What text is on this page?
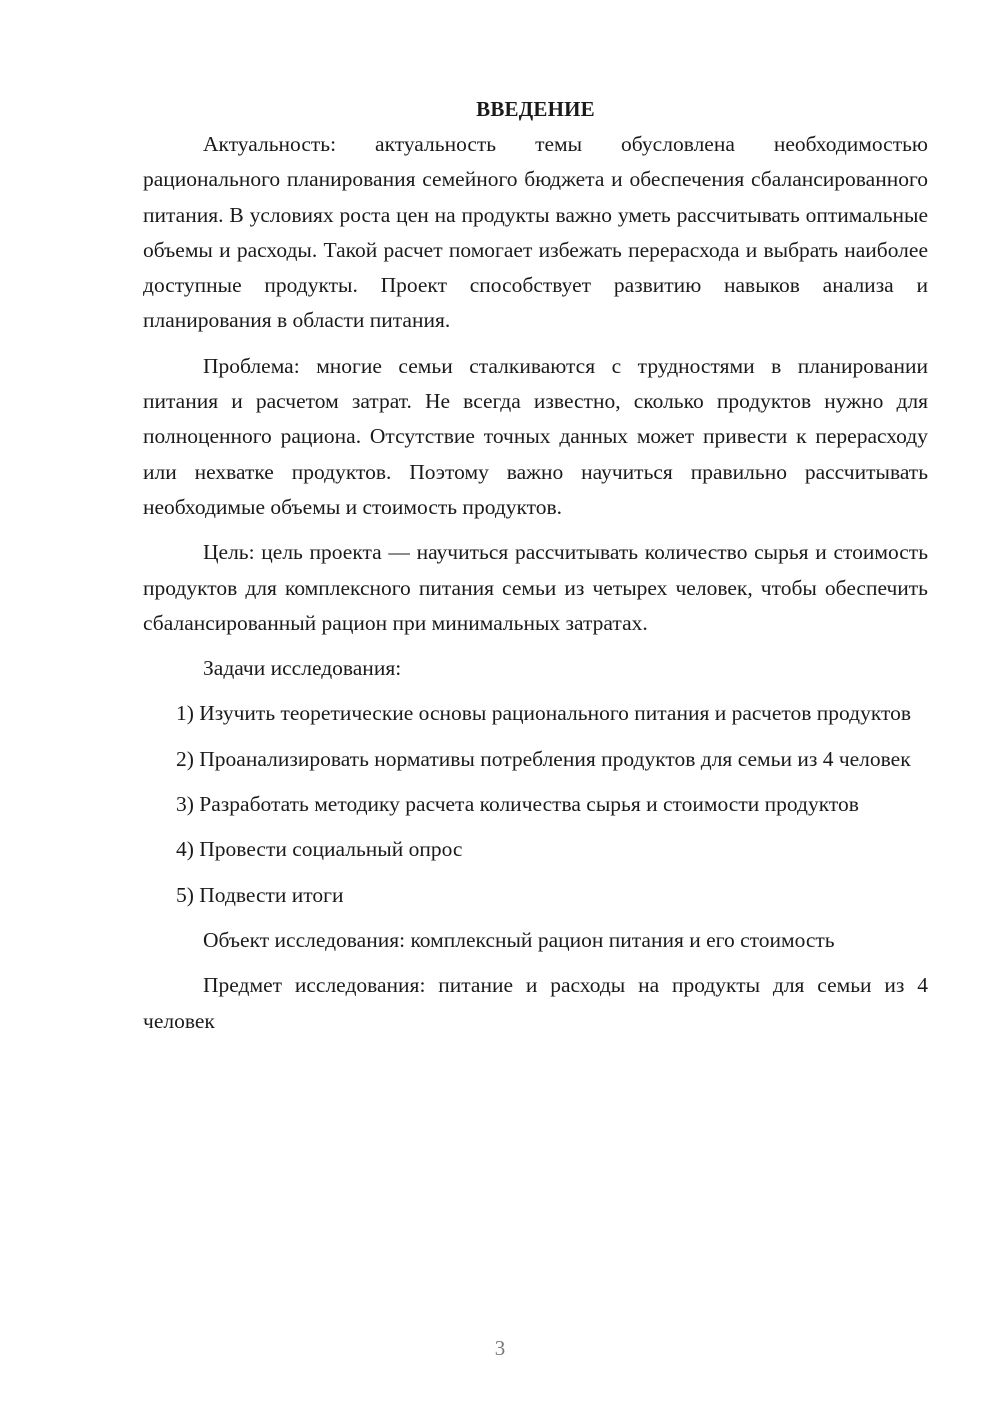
ВВЕДЕНИЕ

Актуальность: актуальность темы обусловлена необходимостью рационального планирования семейного бюджета и обеспечения сбалансированного питания. В условиях роста цен на продукты важно уметь рассчитывать оптимальные объемы и расходы. Такой расчет помогает избежать перерасхода и выбрать наиболее доступные продукты. Проект способствует развитию навыков анализа и планирования в области питания.

Проблема: многие семьи сталкиваются с трудностями в планировании питания и расчетом затрат. Не всегда известно, сколько продуктов нужно для полноценного рациона. Отсутствие точных данных может привести к перерасходу или нехватке продуктов. Поэтому важно научиться правильно рассчитывать необходимые объемы и стоимость продуктов.

Цель: цель проекта — научиться рассчитывать количество сырья и стоимость продуктов для комплексного питания семьи из четырех человек, чтобы обеспечить сбалансированный рацион при минимальных затратах.

Задачи исследования:

1) Изучить теоретические основы рационального питания и расчетов продуктов

2) Проанализировать нормативы потребления продуктов для семьи из 4 человек

3) Разработать методику расчета количества сырья и стоимости продуктов

4) Провести социальный опрос

5) Подвести итоги

Объект исследования: комплексный рацион питания и его стоимость

Предмет исследования: питание и расходы на продукты для семьи из 4 человек

3
